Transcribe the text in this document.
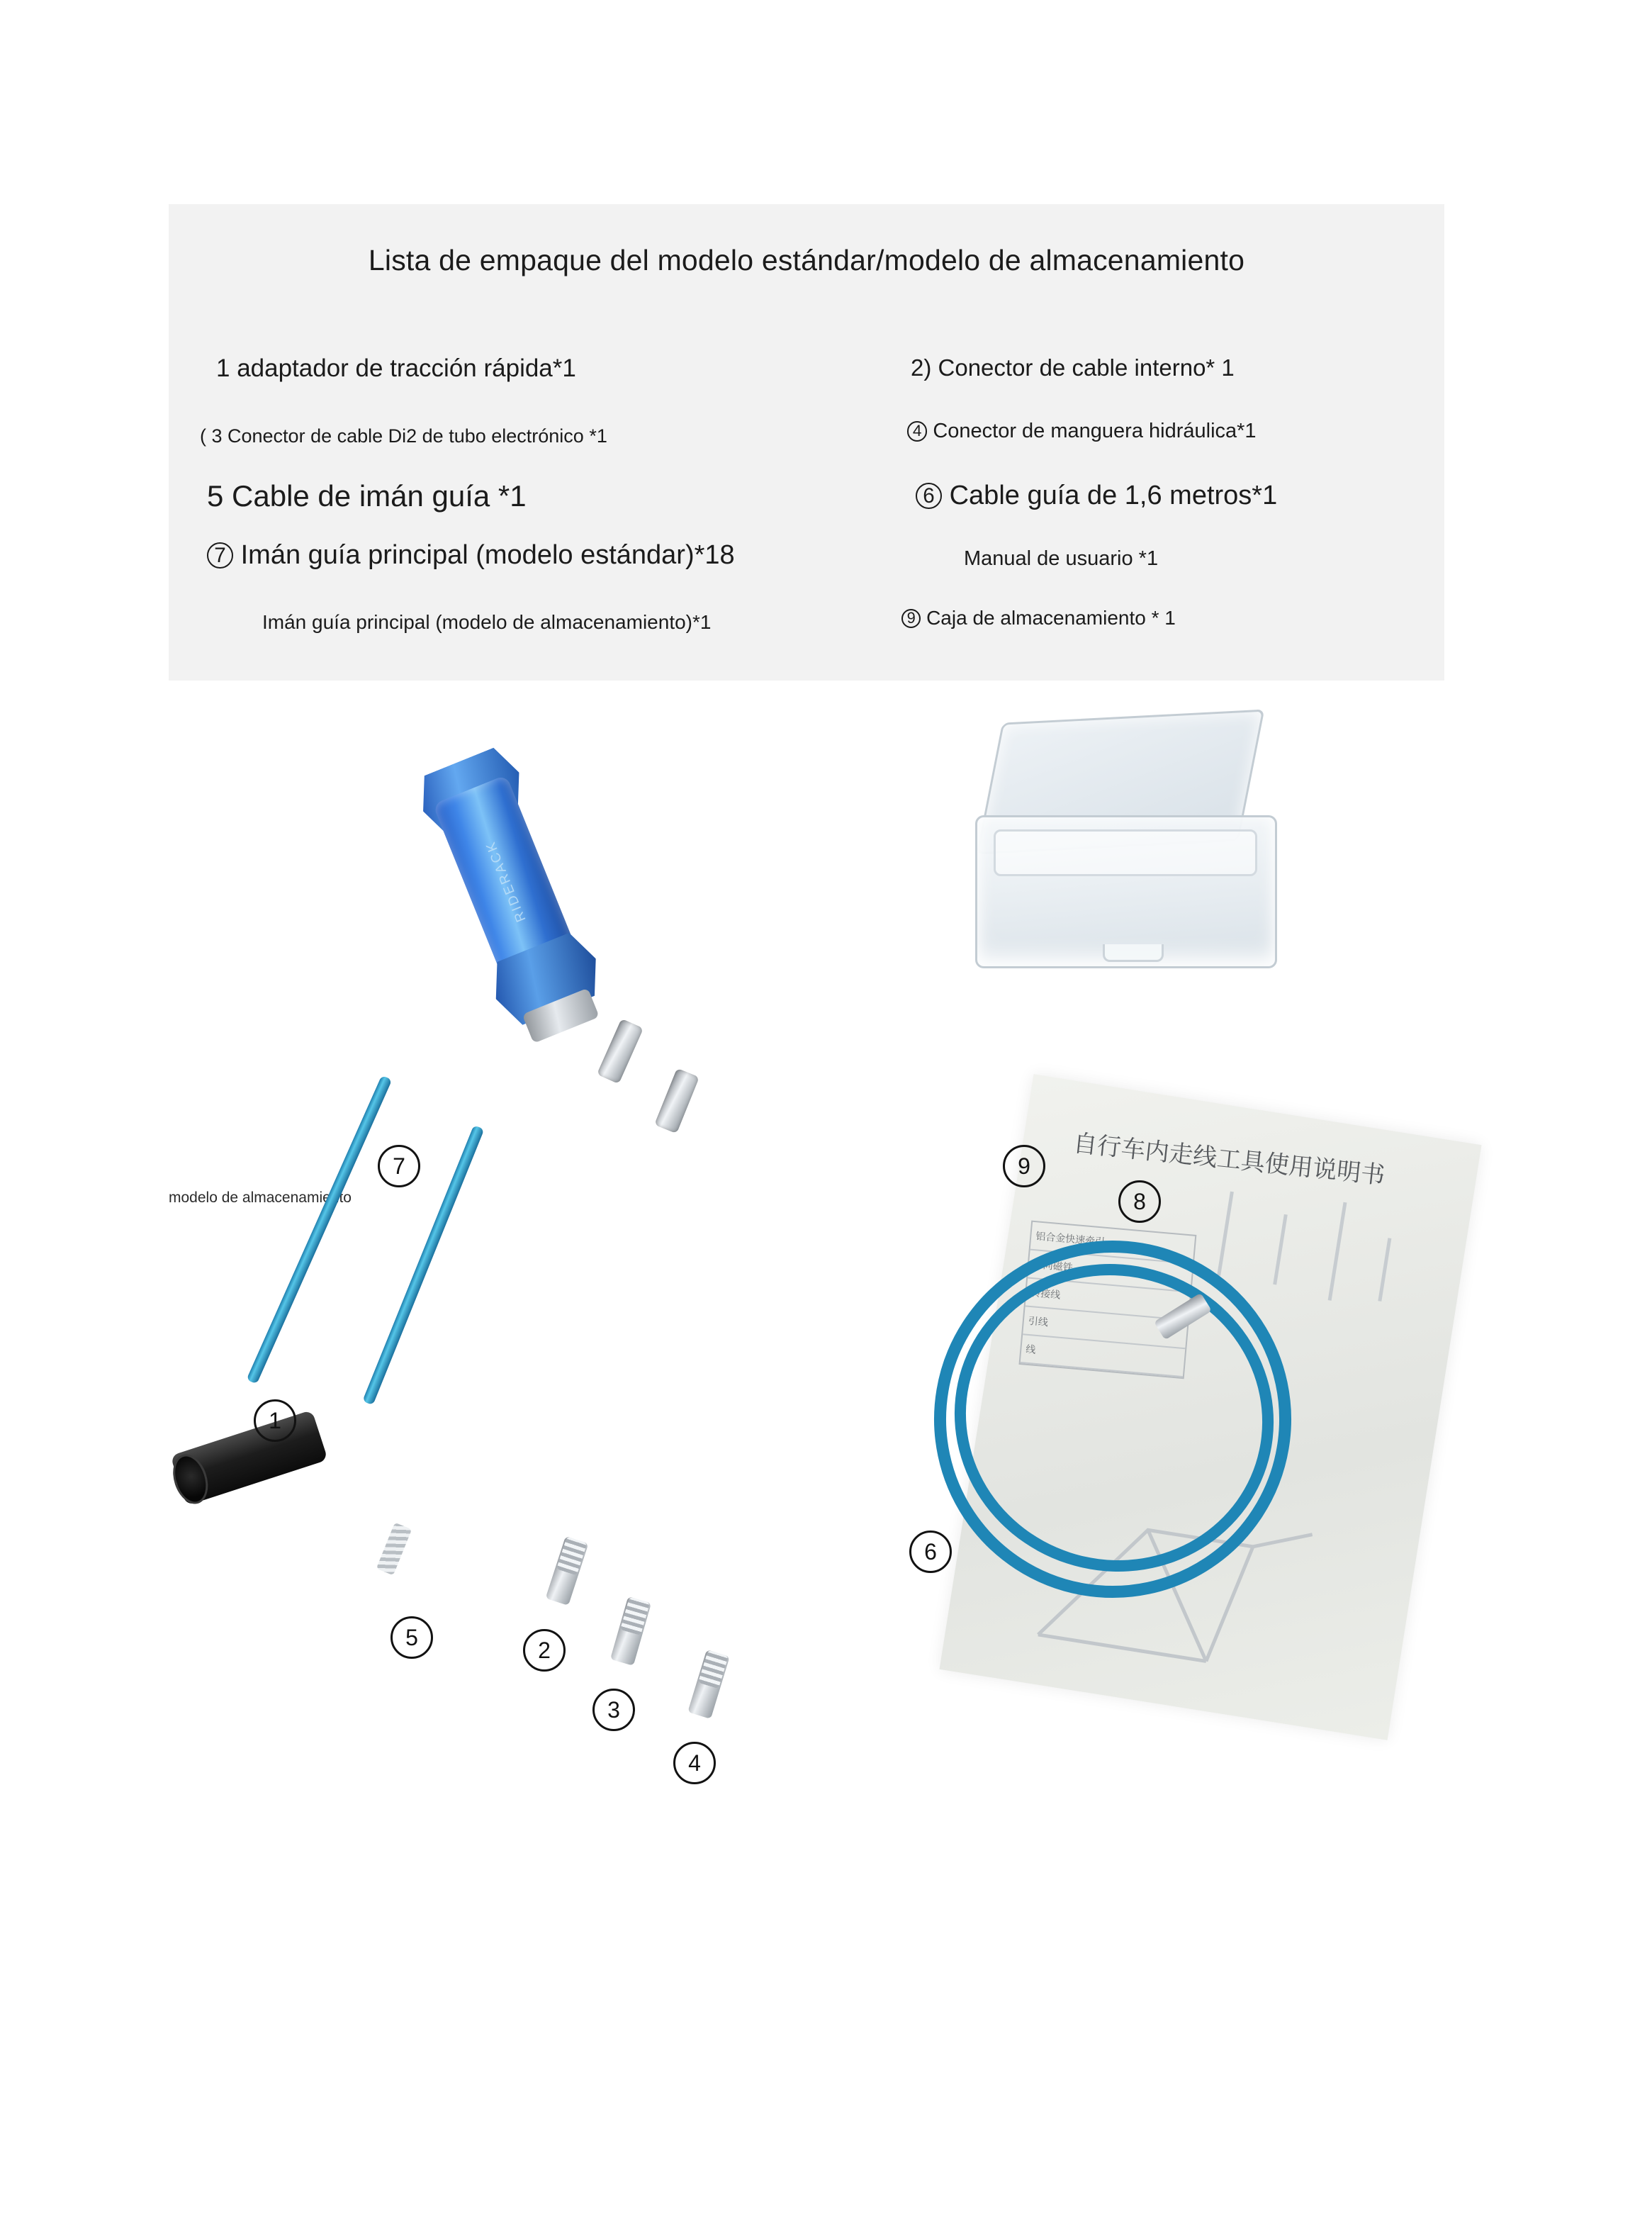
Lista de empaque del modelo estándar/modelo de almacenamiento
1 adaptador de tracción rápida*1	2) Conector de cable interno* 1
( 3 Conector de cable Di2 de tubo electrónico *1	4 Conector de manguera hidráulica*1
5 Cable de imán guía *1	6 Cable guía de 1,6 metros*1
7 Imán guía principal (modelo estándar)*18	Manual de usuario *1
Imán guía principal (modelo de almacenamiento)*1	9 Caja de almacenamiento * 1
RIDERACK
modelo de almacenamiento
自行车内走线工具使用说明书
铝合金快速牵引
导向磁铁
转接线
引线
线
1
2
3
4
5
6
7
8
9
